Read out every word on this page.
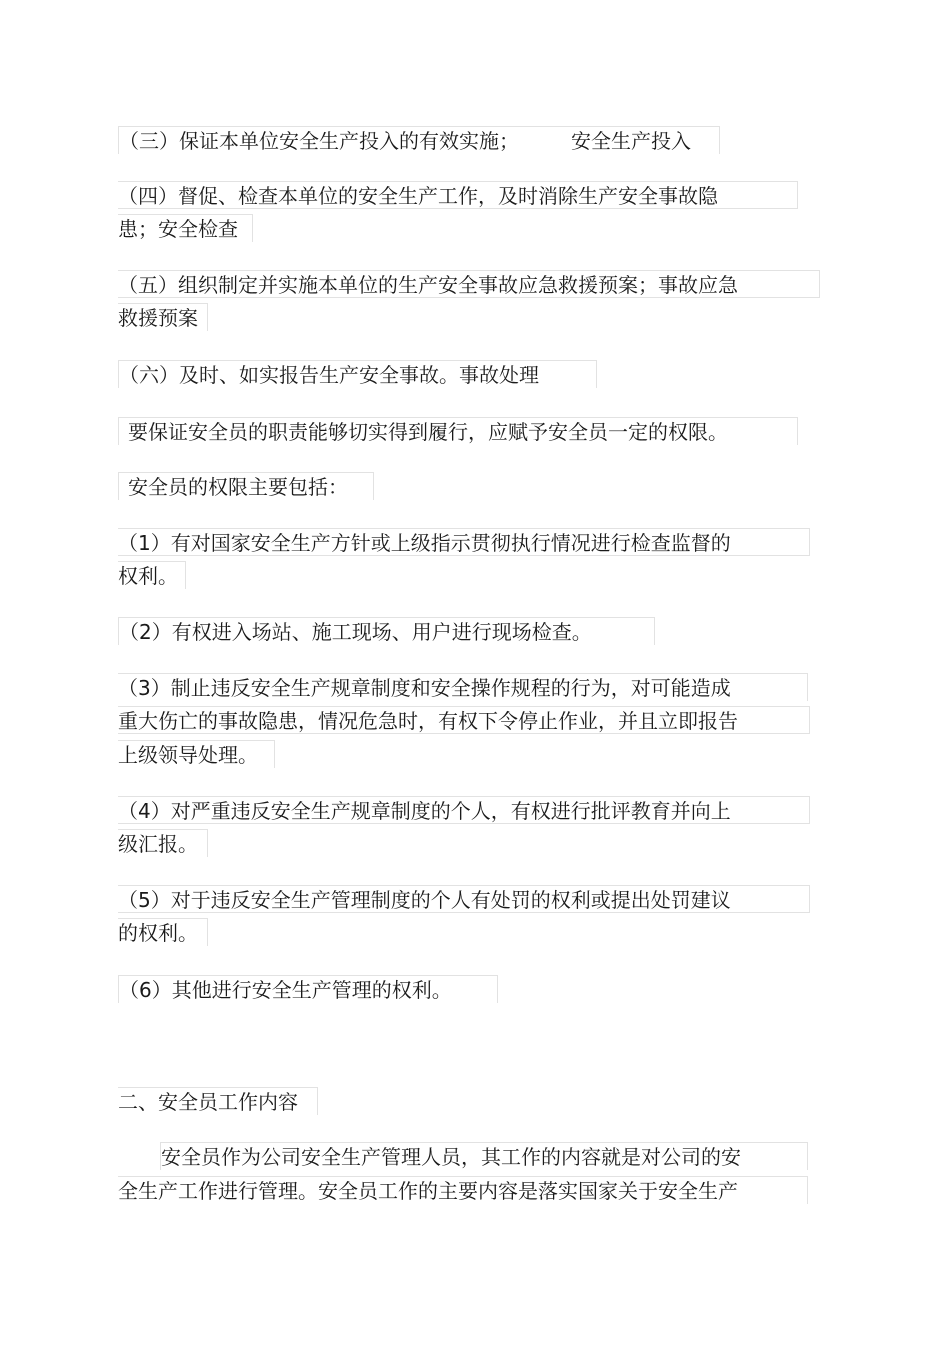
（三）保证本单位安全生产投入的有效实施；	安全生产投入
（四）督促、检查本单位的安全生产工作，及时消除生产安全事故隐
患；安全检查
（五）组织制定并实施本单位的生产安全事故应急救援预案；事故应急
救援预案
（六）及时、如实报告生产安全事故。事故处理
要保证安全员的职责能够切实得到履行，应赋予安全员一定的权限。
安全员的权限主要包括：
（1）有对国家安全生产方针或上级指示贯彻执行情况进行检查监督的
权利。
（2）有权进入场站、施工现场、用户进行现场检查。
（3）制止违反安全生产规章制度和安全操作规程的行为，对可能造成
重大伤亡的事故隐患，情况危急时，有权下令停止作业，并且立即报告
上级领导处理。
（4）对严重违反安全生产规章制度的个人，有权进行批评教育并向上
级汇报。
（5）对于违反安全生产管理制度的个人有处罚的权利或提出处罚建议
的权利。
（6）其他进行安全生产管理的权利。
二、安全员工作内容
安全员作为公司安全生产管理人员，其工作的内容就是对公司的安
全生产工作进行管理。安全员工作的主要内容是落实国家关于安全生产
